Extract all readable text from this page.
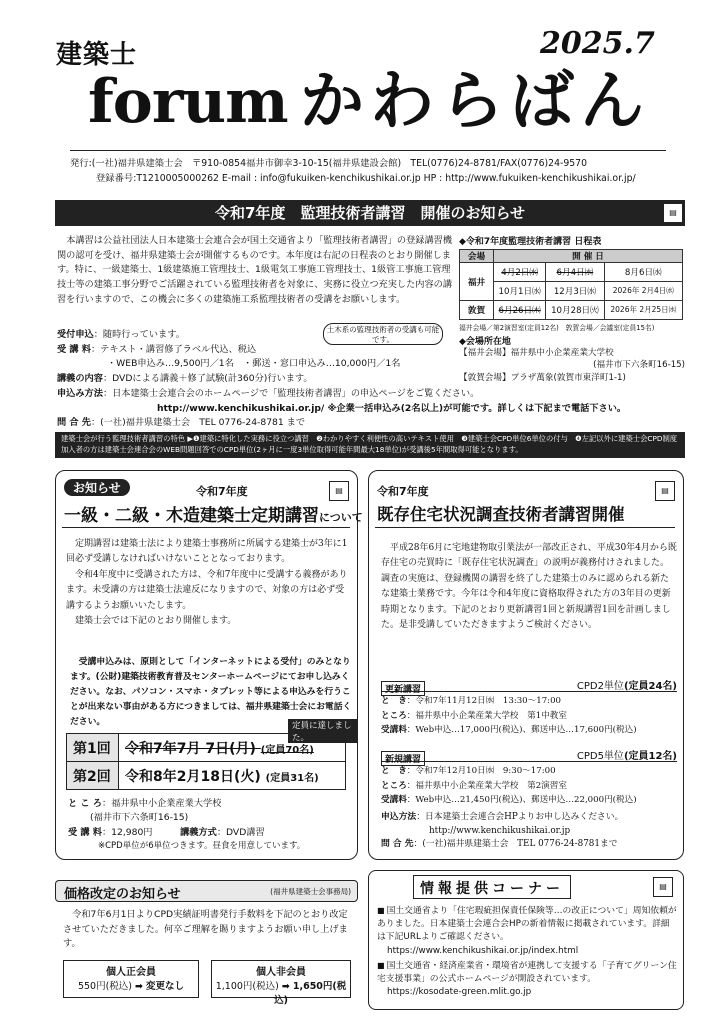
建築士
forum かわらばん
2025.7
発行:(一社)福井県建築士会　〒910-0854福井市御幸3-10-15(福井県建設会館)　TEL(0776)24-8781/FAX(0776)24-9570
登録番号:T1210005000262 E-mail : info@fukuiken-kenchikushikai.or.jp HP : http://www.fukuiken-kenchikushikai.or.jp/
令和7年度　監理技術者講習　開催のお知らせ	▤
本講習は公益社団法人日本建築士会連合会が国土交通省より「監理技術者講習」の登録講習機関の認可を受け、福井県建築士会が開催するものです。本年度は右記の日程表のとおり開催します。特に、一級建築士、1級建築施工管理技士、1級電気工事施工管理技士、1級管工事施工管理技士等の建築工事分野でご活躍されている監理技術者を対象に、実務に役立つ充実した内容の講習を行いますので、この機会に多くの建築施工系監理技術者の受講をお願いします。
土木系の監理技術者の受講も可能です。
受付申込：随時行っています。
受 講 料：テキスト・講習修了ラベル代込、税込
・WEB申込み…9,500円／1名　・郵送・窓口申込み…10,000円／1名
講義の内容：DVDによる講義＋修了試験(計360分)行います。
申込み方法：日本建築士会連合会のホームページで「監理技術者講習」の申込ページをご覧ください。
http://www.kenchikushikai.or.jp/ ※企業一括申込み(2名以上)が可能です。詳しくは下記まで電話下さい。
問 合 先：(一社)福井県建築士会　TEL 0776-24-8781 まで
◆令和7年度監理技術者講習 日程表
会場	開 催 日		
福井	4月2日㈬	6月4日㈬	8月6日㈬
	10月1日㈬	12月3日㈬	2026年 2月4日㈬
敦賀	6月26日㈭	10月28日㈫	2026年 2月25日㈬
福井会場／第2演習室(定員12名)　敦賀会場／会議室(定員15名)
◆会場所在地
【福井会場】福井県中小企業産業大学校
(福井市下六条町16-15)
【敦賀会場】プラザ萬象(敦賀市東洋町1-1)
建築士会が行う監理技術者講習の特色 ▶❶建築に特化した実務に役立つ講習　❷わかりやすく利便性の高いテキスト使用　❸建築士会CPD単位6単位の付与　❹左記以外に建築士会CPD制度加入者の方は建築士会連合会のWEB問題回答でのCPD単位(2ヶ月に一度3単位取得可能年間最大18単位)が受講後5年間取得可能となります。
お知らせ	▤
令和7年度
一級・二級・木造建築士定期講習について

定期講習は建築士法により建築士事務所に所属する建築士が3年に1回必ず受講しなければいけないこととなっております。

令和4年度中に受講された方は、令和7年度中に受講する義務があります。未受講の方は建築士法違反になりますので、対象の方は必ず受講するようお願いいたします。

建築士会では下記のとおり開催します。

受講申込みは、原則として「インターネットによる受付」のみとなります。(公財)建築技術教育普及センターホームページにてお申し込みください。なお、パソコン・スマホ・タブレット等による申込みを行うことが出来ない事由がある方につきましては、福井県建築士会にお電話ください。	定員に達しました。
第1回	令和7年7月 7日(月) (定員70名)
第2回	令和8年2月18日(火) (定員31名)
と こ ろ：福井県中小企業産業大学校
(福井市下六条町16-15)
受 講 料：12,980円　　　	講義方式：DVD講習
※CPD単位が6単位つきます。昼食を用意しています。
▤
令和7年度
既存住宅状況調査技術者講習開催
平成28年6月に宅地建物取引業法が一部改正され、平成30年4月から既存住宅の売買時に「既存住宅状況調査」の説明が義務付けされました。調査の実施は、登録機関の講習を終了した建築士のみに認められる新たな建築士業務です。今年は令和4年度に資格取得された方の3年目の更新時期となります。下記のとおり更新講習1回と新規講習1回を計画しました。是非受講していただきますようご検討ください。
更新講習	CPD2単位(定員24名)
と　き：令和7年11月12日㈬　13:30～17:00
ところ：福井県中小企業産業大学校　第1中教室
受講料：Web申込…17,000円(税込)、郵送申込…17,600円(税込)
新規講習	CPD5単位(定員12名)
と　き：令和7年12月10日㈬　9:30～17:00
ところ：福井県中小企業産業大学校　第2演習室
受講料：Web申込…21,450円(税込)、郵送申込…22,000円(税込)
申込方法：日本建築士会連合会HPよりお申し込みください。
http://www.kenchikushikai.or.jp
問 合 先：(一社)福井県建築士会　TEL 0776-24-8781まで
価格改定のお知らせ	(福井県建築士会事務局)
令和7年6月1日よりCPD実績証明書発行手数料を下記のとおり改定させていただきました。何卒ご理解を賜りますようお願い申し上げます。
個人正会員
550円(税込) ➡ 変更なし
個人非会員
1,100円(税込) ➡ 1,650円(税込)
情報提供コーナー	▤
■ 国土交通省より「住宅瑕疵担保責任保険等…の改正について」周知依頼がありました。日本建築士会連合会HPの新着情報に掲載されています。詳細は下記URLよりご確認ください。
https://www.kenchikushikai.or.jp/index.html
■ 国土交通省・経済産業省・環境省が連携して支援する「子育てグリーン住宅支援事業」の公式ホームページが開設されています。
https://kosodate-green.mlit.go.jp
